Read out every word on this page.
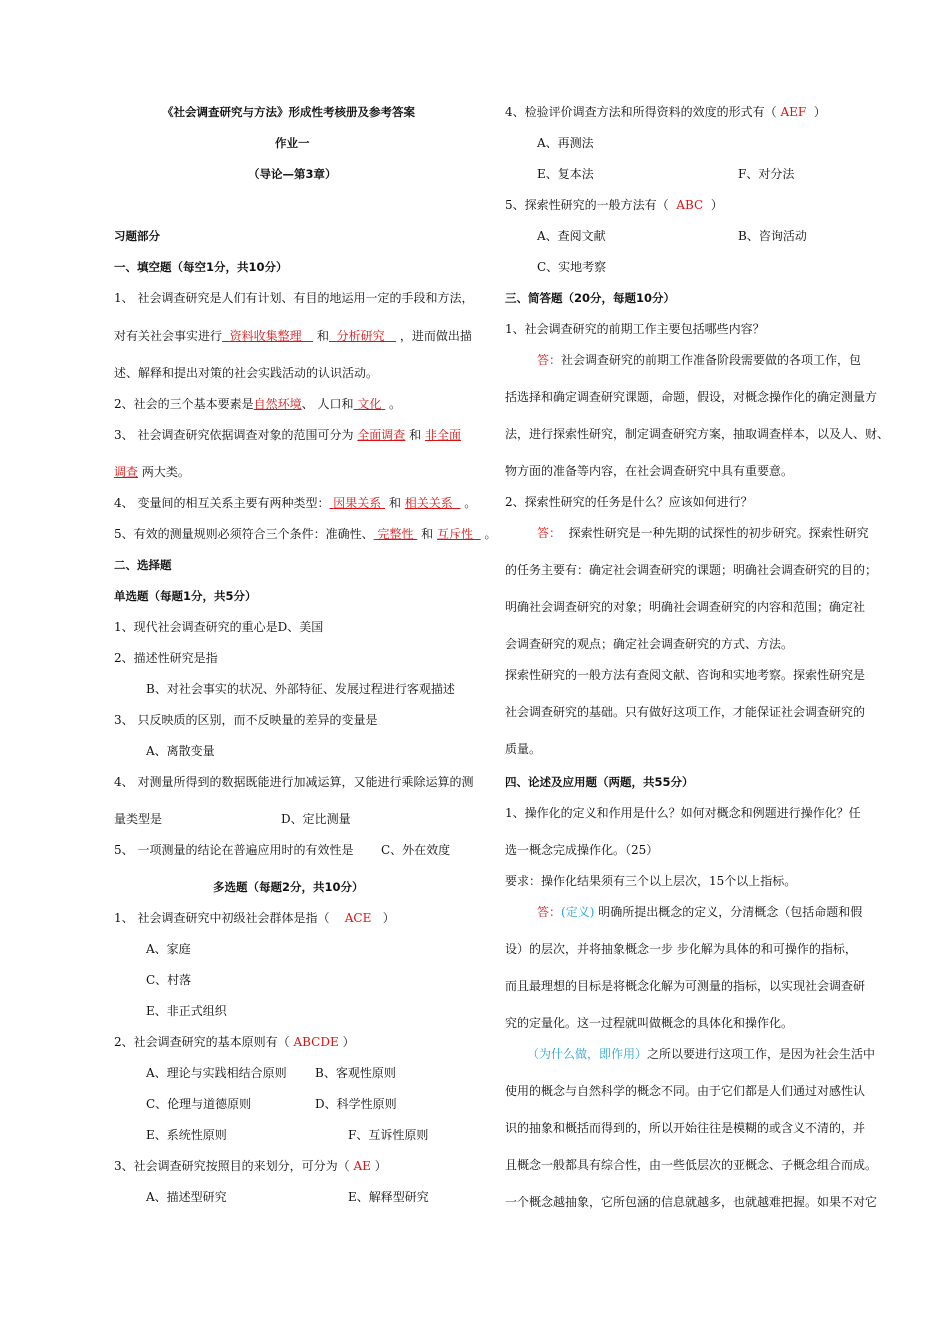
《社会调查研究与方法》形成性考核册及参考答案
作业一
（导论—第3章）
习题部分
一、填空题（每空1分，共10分）
1、 社会调查研究是人们有计划、有目的地运用一定的手段和方法，
对有关社会事实进行 资料收集整理 和 分析研究 ，进而做出描
述、解释和提出对策的社会实践活动的认识活动。
2、社会的三个基本要素是自然环境、 人口和 文化 。
3、 社会调查研究依据调查对象的范围可分为 全面调查 和 非全面
调查 两大类。
4、 变量间的相互关系主要有两种类型： 因果关系 和 相关关系 。
5、有效的测量规则必须符合三个条件：准确性、 完整性 和 互斥性 。
二、选择题
单选题（每题1分，共5分）
1、现代社会调查研究的重心是D、美国
2、描述性研究是指
B、对社会事实的状况、外部特征、发展过程进行客观描述
3、 只反映质的区别，而不反映量的差异的变量是
A、离散变量
4、 对测量所得到的数据既能进行加减运算，又能进行乘除运算的测
量类型是	D、定比测量
5、 一项测量的结论在普遍应用时的有效性是 C、外在效度
多选题（每题2分，共10分）
1、 社会调查研究中初级社会群体是指（ ACE ）
A、家庭
C、村落
E、非正式组织
2、社会调查研究的基本原则有（ ABCDE ）
A、理论与实践相结合原则 B、客观性原则
C、伦理与道德原则	D、科学性原则
E、系统性原则	F、互诉性原则
3、社会调查研究按照目的来划分，可分为（ AE ）
A、描述型研究	E、解释型研究
4、检验评价调查方法和所得资料的效度的形式有（ AEF ）
A、再测法
E、复本法	F、对分法
5、探索性研究的一般方法有（ ABC ）
A、查阅文献	B、咨询活动
C、实地考察
三、简答题（20分，每题10分）
1、社会调查研究的前期工作主要包括哪些内容？
答：社会调查研究的前期工作准备阶段需要做的各项工作，包
括选择和确定调查研究课题，命题，假设，对概念操作化的确定测量方
法，进行探索性研究，制定调查研究方案，抽取调查样本，以及人、财、
物方面的准备等内容，在社会调查研究中具有重要意。
2、探索性研究的任务是什么？应该如何进行？
答： 探索性研究是一种先期的试探性的初步研究。探索性研究
的任务主要有：确定社会调查研究的课题；明确社会调查研究的目的；
明确社会调查研究的对象；明确社会调查研究的内容和范围；确定社
会调查研究的观点；确定社会调查研究的方式、方法。
探索性研究的一般方法有查阅文献、咨询和实地考察。探索性研究是
社会调查研究的基础。只有做好这项工作，才能保证社会调查研究的
质量。
四、论述及应用题（两题，共55分）
1、操作化的定义和作用是什么？如何对概念和例题进行操作化？任
选一概念完成操作化。（25）
要求：操作化结果须有三个以上层次，15个以上指标。
答：(定义) 明确所提出概念的定义，分清概念（包括命题和假
设）的层次，并将抽象概念一步 步化解为具体的和可操作的指标，
而且最理想的目标是将概念化解为可测量的指标，以实现社会调查研
究的定量化。这一过程就叫做概念的具体化和操作化。
（为什么做，即作用）之所以要进行这项工作，是因为社会生活中
使用的概念与自然科学的概念不同。由于它们都是人们通过对感性认
识的抽象和概括而得到的，所以开始往往是模糊的或含义不清的，并
且概念一般都具有综合性，由一些低层次的亚概念、子概念组合而成。
一个概念越抽象，它所包涵的信息就越多，也就越难把握。如果不对它
